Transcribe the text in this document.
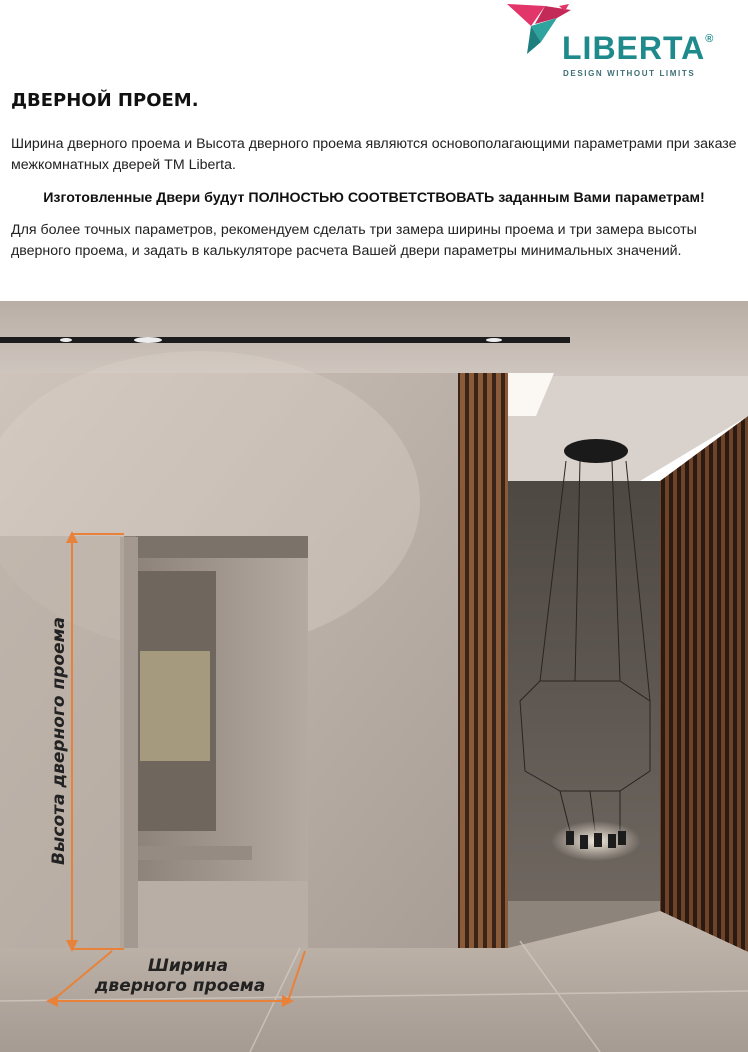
LIBERTA®
DESIGN WITHOUT LIMITS
ДВЕРНОЙ ПРОЕМ.

Ширина дверного проема и Высота дверного проема являются основополагающими параметрами при заказе межкомнатных дверей ТМ Liberta.

Изготовленные Двери будут ПОЛНОСТЬЮ СООТВЕТСТВОВАТЬ заданным Вами параметрам!

Для более точных параметров, рекомендуем сделать три замера ширины проема и три замера высоты дверного проема, и задать в калькуляторе расчета Вашей двери параметры минимальных значений.

Высота дверного проема
Ширина
дверного проема
